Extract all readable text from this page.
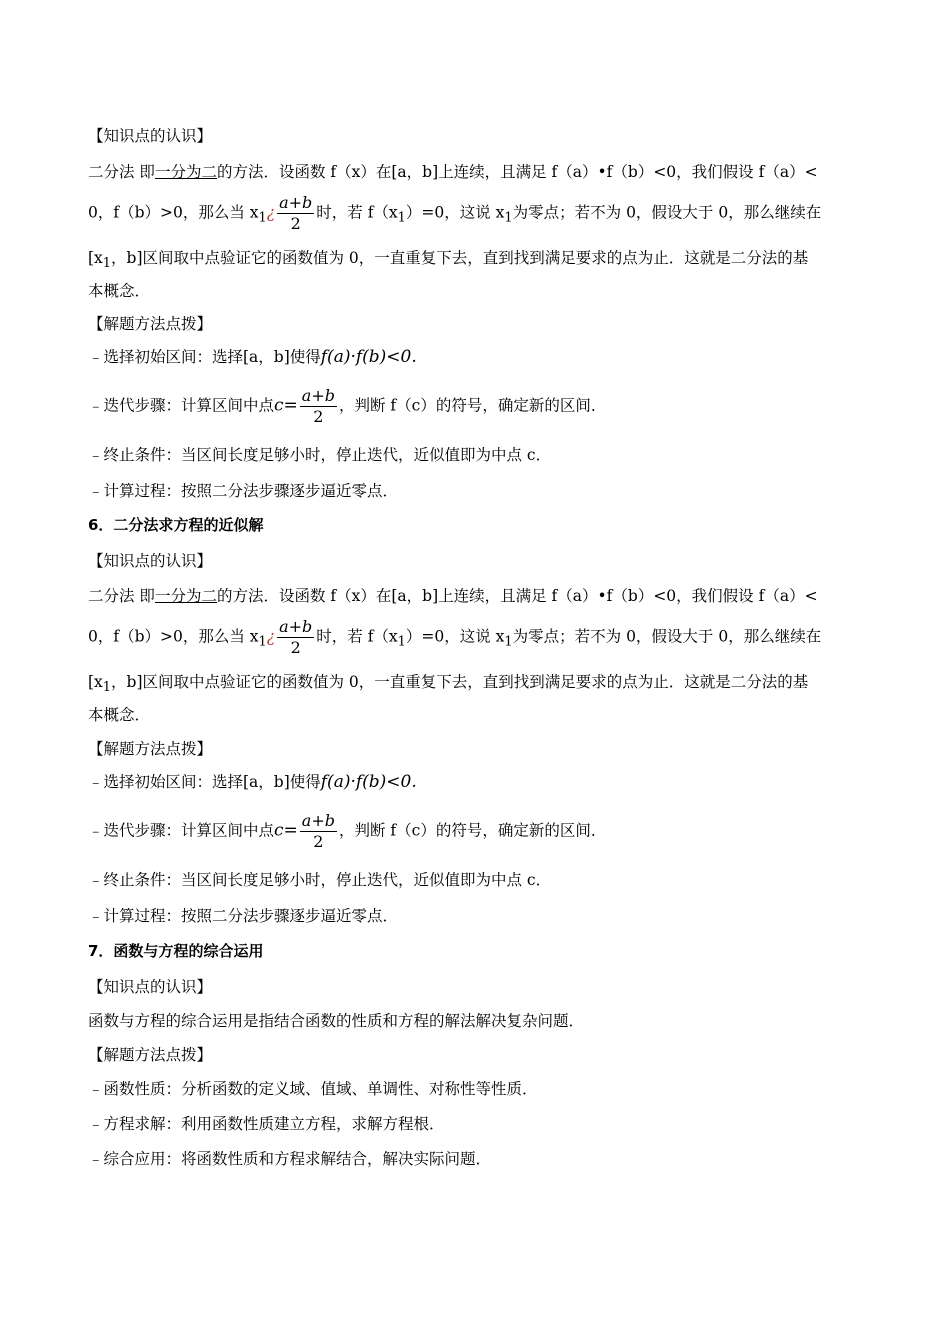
【知识点的认识】

二分法 即一分为二的方法．设函数 f（x）在[a，b]上连续，且满足 f（a）•f（b）<0，我们假设 f（a）<

0，f（b）>0，那么当 $x_1¿ \frac{a+b}{2}$ 时，若 $f(x_1)=0$，这说 $x_1$为零点；若不为 0，假设大于 0，那么继续在

[$x_1$，b]区间取中点验证它的函数值为 0，一直重复下去，直到找到满足要求的点为止．这就是二分法的基

本概念．

【解题方法点拨】

﹣选择初始区间：选择[a，b]使得f(a)·f(b)<0.

﹣迭代步骤：计算区间中点$c= \frac{a+b}{2}$ ，判断 f（c）的符号，确定新的区间．

﹣终止条件：当区间长度足够小时，停止迭代，近似值即为中点 c．

﹣计算过程：按照二分法步骤逐步逼近零点．

6．二分法求方程的近似解

【知识点的认识】

二分法 即一分为二的方法．设函数 f（x）在[a，b]上连续，且满足 f（a）•f（b）<0，我们假设 f（a）<

0，f（b）>0，那么当 $x_1¿ \frac{a+b}{2}$ 时，若 $f(x_1)=0$，这说 $x_1$为零点；若不为 0，假设大于 0，那么继续在

[$x_1$，b]区间取中点验证它的函数值为 0，一直重复下去，直到找到满足要求的点为止．这就是二分法的基

本概念．

【解题方法点拨】

﹣选择初始区间：选择[a，b]使得f(a)·f(b)<0.

﹣迭代步骤：计算区间中点$c= \frac{a+b}{2}$ ，判断 f（c）的符号，确定新的区间．

﹣终止条件：当区间长度足够小时，停止迭代，近似值即为中点 c．

﹣计算过程：按照二分法步骤逐步逼近零点．

7．函数与方程的综合运用

【知识点的认识】

函数与方程的综合运用是指结合函数的性质和方程的解法解决复杂问题．

【解题方法点拨】

﹣函数性质：分析函数的定义域、值域、单调性、对称性等性质．

﹣方程求解：利用函数性质建立方程，求解方程根．

﹣综合应用：将函数性质和方程求解结合，解决实际问题．
